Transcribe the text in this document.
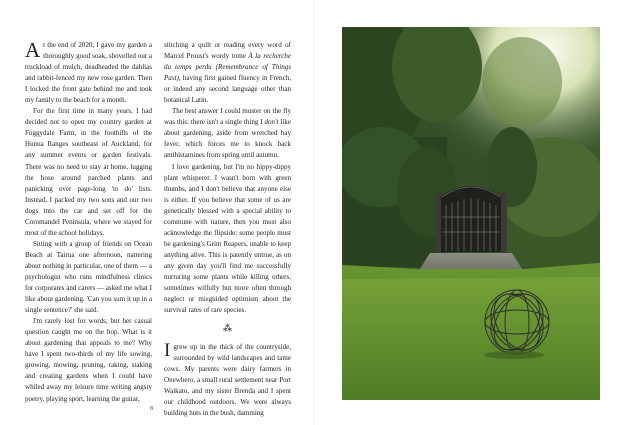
At the end of 2020, I gave my garden a thoroughly good soak, shovelled out a truckload of mulch, deadheaded the dahlias and rabbit-fenced my new rose garden. Then I locked the front gate behind me and took my family to the beach for a month.

For the first time in many years, I had decided not to open my country garden at Foggydale Farm, in the foothills of the Hunua Ranges southeast of Auckland, for any summer events or garden festivals. There was no need to stay at home, lugging the hose around parched plants and panicking over page-long 'to do' lists. Instead, I packed my two sons and our two dogs into the car and set off for the Coromandel Peninsula, where we stayed for most of the school holidays.

Sitting with a group of friends on Ocean Beach at Tairua one afternoon, nattering about nothing in particular, one of them — a psychologist who runs mindfulness clinics for corporates and carers — asked me what I like about gardening. 'Can you sum it up in a single sentence?' she said.

I'm rarely lost for words, but her casual question caught me on the hop. What is it about gardening that appeals to me? Why have I spent two-thirds of my life sowing, growing, mowing, pruning, raking, staking and creating gardens when I could have whiled away my leisure time writing angsty poetry, playing sport, learning the guitar,

stitching a quilt or reading every word of Marcel Proust's wordy tome À la recherche du temps perdu (Remembrance of Things Past), having first gained fluency in French, or indeed any second language other than botanical Latin.

The best answer I could muster on the fly was this: there isn't a single thing I don't like about gardening, aside from wretched hay fever, which forces me to knock back antihistamines from spring until autumn.

I love gardening, but I'm no hippy-dippy plant whisperer. I wasn't born with green thumbs, and I don't believe that anyone else is either. If you believe that some of us are genetically blessed with a special ability to commune with nature, then you must also acknowledge the flipside: some people must be gardening's Grim Reapers, unable to keep anything alive. This is patently untrue, as on any given day you'll find me successfully nurturing some plants while killing others, sometimes wilfully but more often through neglect or misguided optimism about the survival rates of rare species.

⁂

I grew up in the thick of the countryside, surrounded by wild landscapes and tame cows. My parents were dairy farmers in Onewhero, a small rural settlement near Port Waikato, and my sister Brenda and I spent our childhood outdoors. We were always building huts in the bush, damming

8
